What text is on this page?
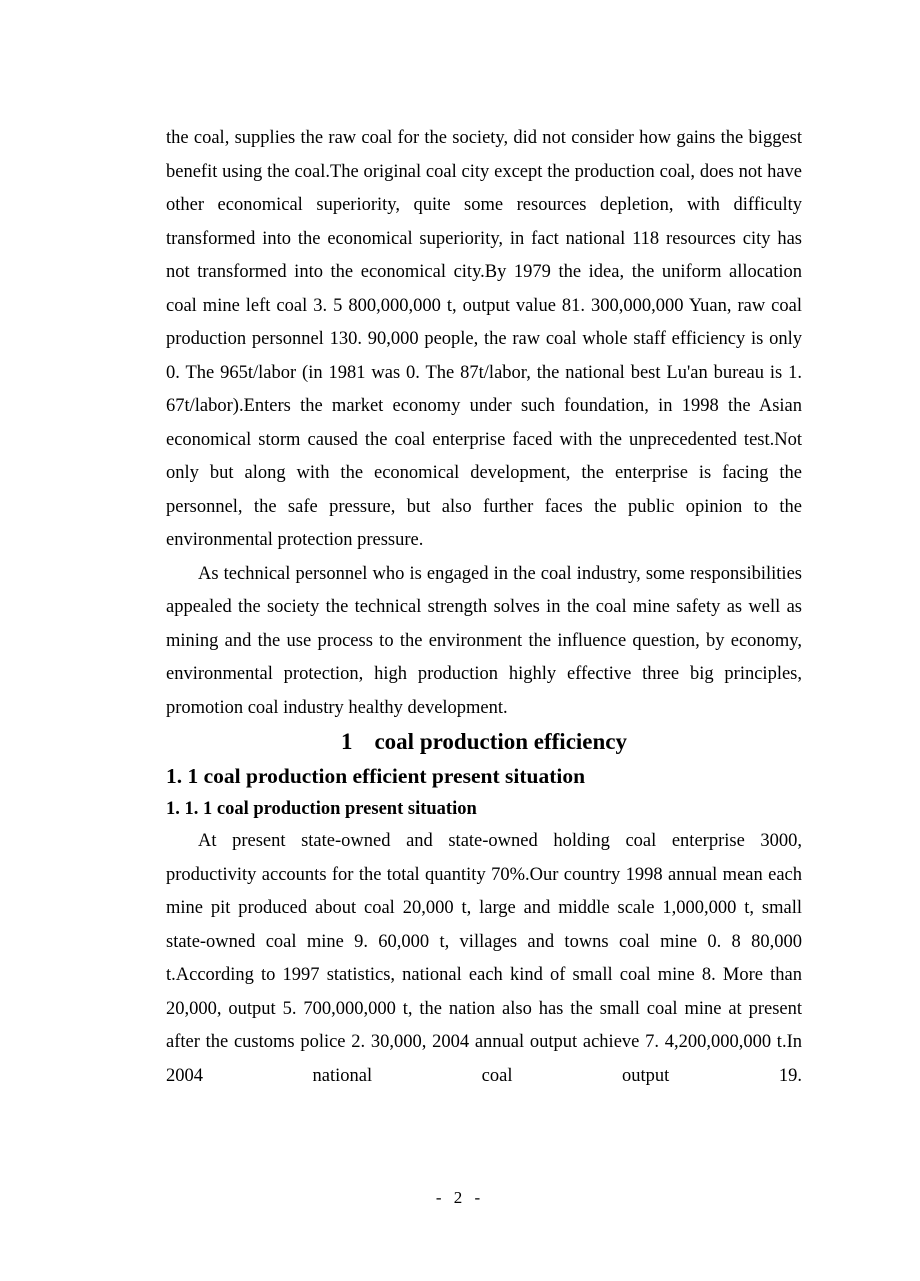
the coal, supplies the raw coal for the society, did not consider how gains the biggest benefit using the coal.The original coal city except the production coal, does not have other economical superiority, quite some resources depletion, with difficulty transformed into the economical superiority, in fact national 118 resources city has not transformed into the economical city.By 1979 the idea, the uniform allocation coal mine left coal 3. 5 800,000,000 t, output value 81. 300,000,000 Yuan, raw coal production personnel 130. 90,000 people, the raw coal whole staff efficiency is only 0. The 965t/labor (in 1981 was 0. The 87t/labor, the national best Lu'an bureau is 1. 67t/labor).Enters the market economy under such foundation, in 1998 the Asian economical storm caused the coal enterprise faced with the unprecedented test.Not only but along with the economical development, the enterprise is facing the personnel, the safe pressure, but also further faces the public opinion to the environmental protection pressure.

As technical personnel who is engaged in the coal industry, some responsibilities appealed the society the technical strength solves in the coal mine safety as well as mining and the use process to the environment the influence question, by economy, environmental protection, high production highly effective three big principles, promotion coal industry healthy development.

1 coal production efficiency
1. 1 coal production efficient present situation
1. 1. 1 coal production present situation

At present state-owned and state-owned holding coal enterprise 3000, productivity accounts for the total quantity 70%.Our country 1998 annual mean each mine pit produced about coal 20,000 t, large and middle scale 1,000,000 t, small state-owned coal mine 9. 60,000 t, villages and towns coal mine 0. 8 80,000 t.According to 1997 statistics, national each kind of small coal mine 8. More than 20,000, output 5. 700,000,000 t, the nation also has the small coal mine at present after the customs police 2. 30,000, 2004 annual output achieve 7. 4,200,000,000 t.In 2004 national coal output 19.

- 2 -
